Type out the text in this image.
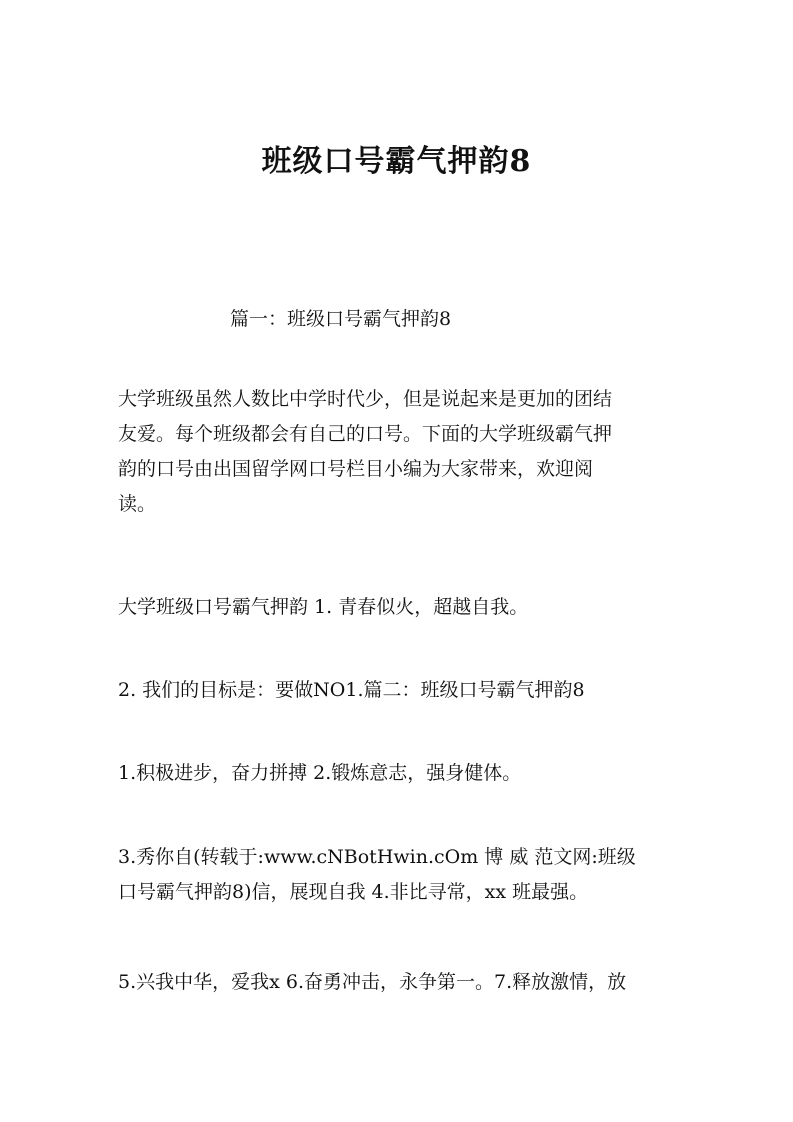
班级口号霸气押韵8
篇一：班级口号霸气押韵8
大学班级虽然人数比中学时代少，但是说起来是更加的团结
友爱。每个班级都会有自己的口号。下面的大学班级霸气押
韵的口号由出国留学网口号栏目小编为大家带来，欢迎阅
读。
大学班级口号霸气押韵 1. 青春似火，超越自我。
2. 我们的目标是：要做NO1.篇二：班级口号霸气押韵8
1.积极进步，奋力拼搏 2.锻炼意志，强身健体。
3.秀你自(转载于:www.cNBotHwin.cOm 博 威 范文网:班级
口号霸气押韵8)信，展现自我 4.非比寻常，xx 班最强。
5.兴我中华，爱我x 6.奋勇冲击，永争第一。7.释放激情，放
